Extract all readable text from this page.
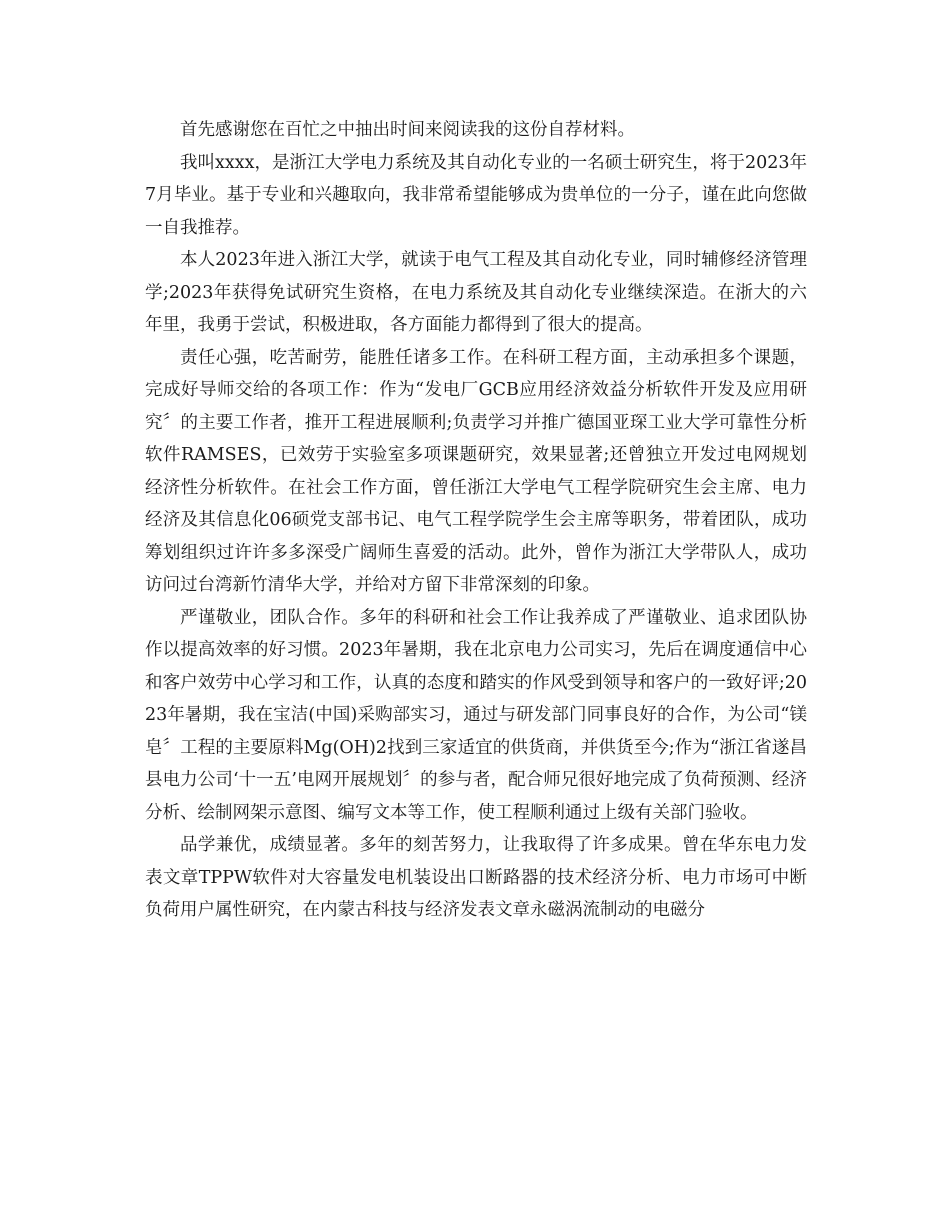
首先感谢您在百忙之中抽出时间来阅读我的这份自荐材料。

我叫xxxx，是浙江大学电力系统及其自动化专业的一名硕士研究生，将于2023年7月毕业。基于专业和兴趣取向，我非常希望能够成为贵单位的一分子，谨在此向您做一自我推荐。

本人2023年进入浙江大学，就读于电气工程及其自动化专业，同时辅修经济管理学;2023年获得免试研究生资格，在电力系统及其自动化专业继续深造。在浙大的六年里，我勇于尝试，积极进取，各方面能力都得到了很大的提高。

责任心强，吃苦耐劳，能胜任诸多工作。在科研工程方面，主动承担多个课题，完成好导师交给的各项工作：作为“发电厂GCB应用经济效益分析软件开发及应用研究〞的主要工作者，推开工程进展顺利;负责学习并推广德国亚琛工业大学可靠性分析软件RAMSES，已效劳于实验室多项课题研究，效果显著;还曾独立开发过电网规划经济性分析软件。在社会工作方面，曾任浙江大学电气工程学院研究生会主席、电力经济及其信息化06硕党支部书记、电气工程学院学生会主席等职务，带着团队，成功筹划组织过许许多多深受广阔师生喜爱的活动。此外，曾作为浙江大学带队人，成功访问过台湾新竹清华大学，并给对方留下非常深刻的印象。

严谨敬业，团队合作。多年的科研和社会工作让我养成了严谨敬业、追求团队协作以提高效率的好习惯。2023年暑期，我在北京电力公司实习，先后在调度通信中心和客户效劳中心学习和工作，认真的态度和踏实的作风受到领导和客户的一致好评;2023年暑期，我在宝洁(中国)采购部实习，通过与研发部门同事良好的合作，为公司“镁皂〞工程的主要原料Mg(OH)2找到三家适宜的供货商，并供货至今;作为“浙江省遂昌县电力公司‘十一五’电网开展规划〞的参与者，配合师兄很好地完成了负荷预测、经济分析、绘制网架示意图、编写文本等工作，使工程顺利通过上级有关部门验收。

品学兼优，成绩显著。多年的刻苦努力，让我取得了许多成果。曾在华东电力发表文章TPPW软件对大容量发电机装设出口断路器的技术经济分析、电力市场可中断负荷用户属性研究，在内蒙古科技与经济发表文章永磁涡流制动的电磁分
